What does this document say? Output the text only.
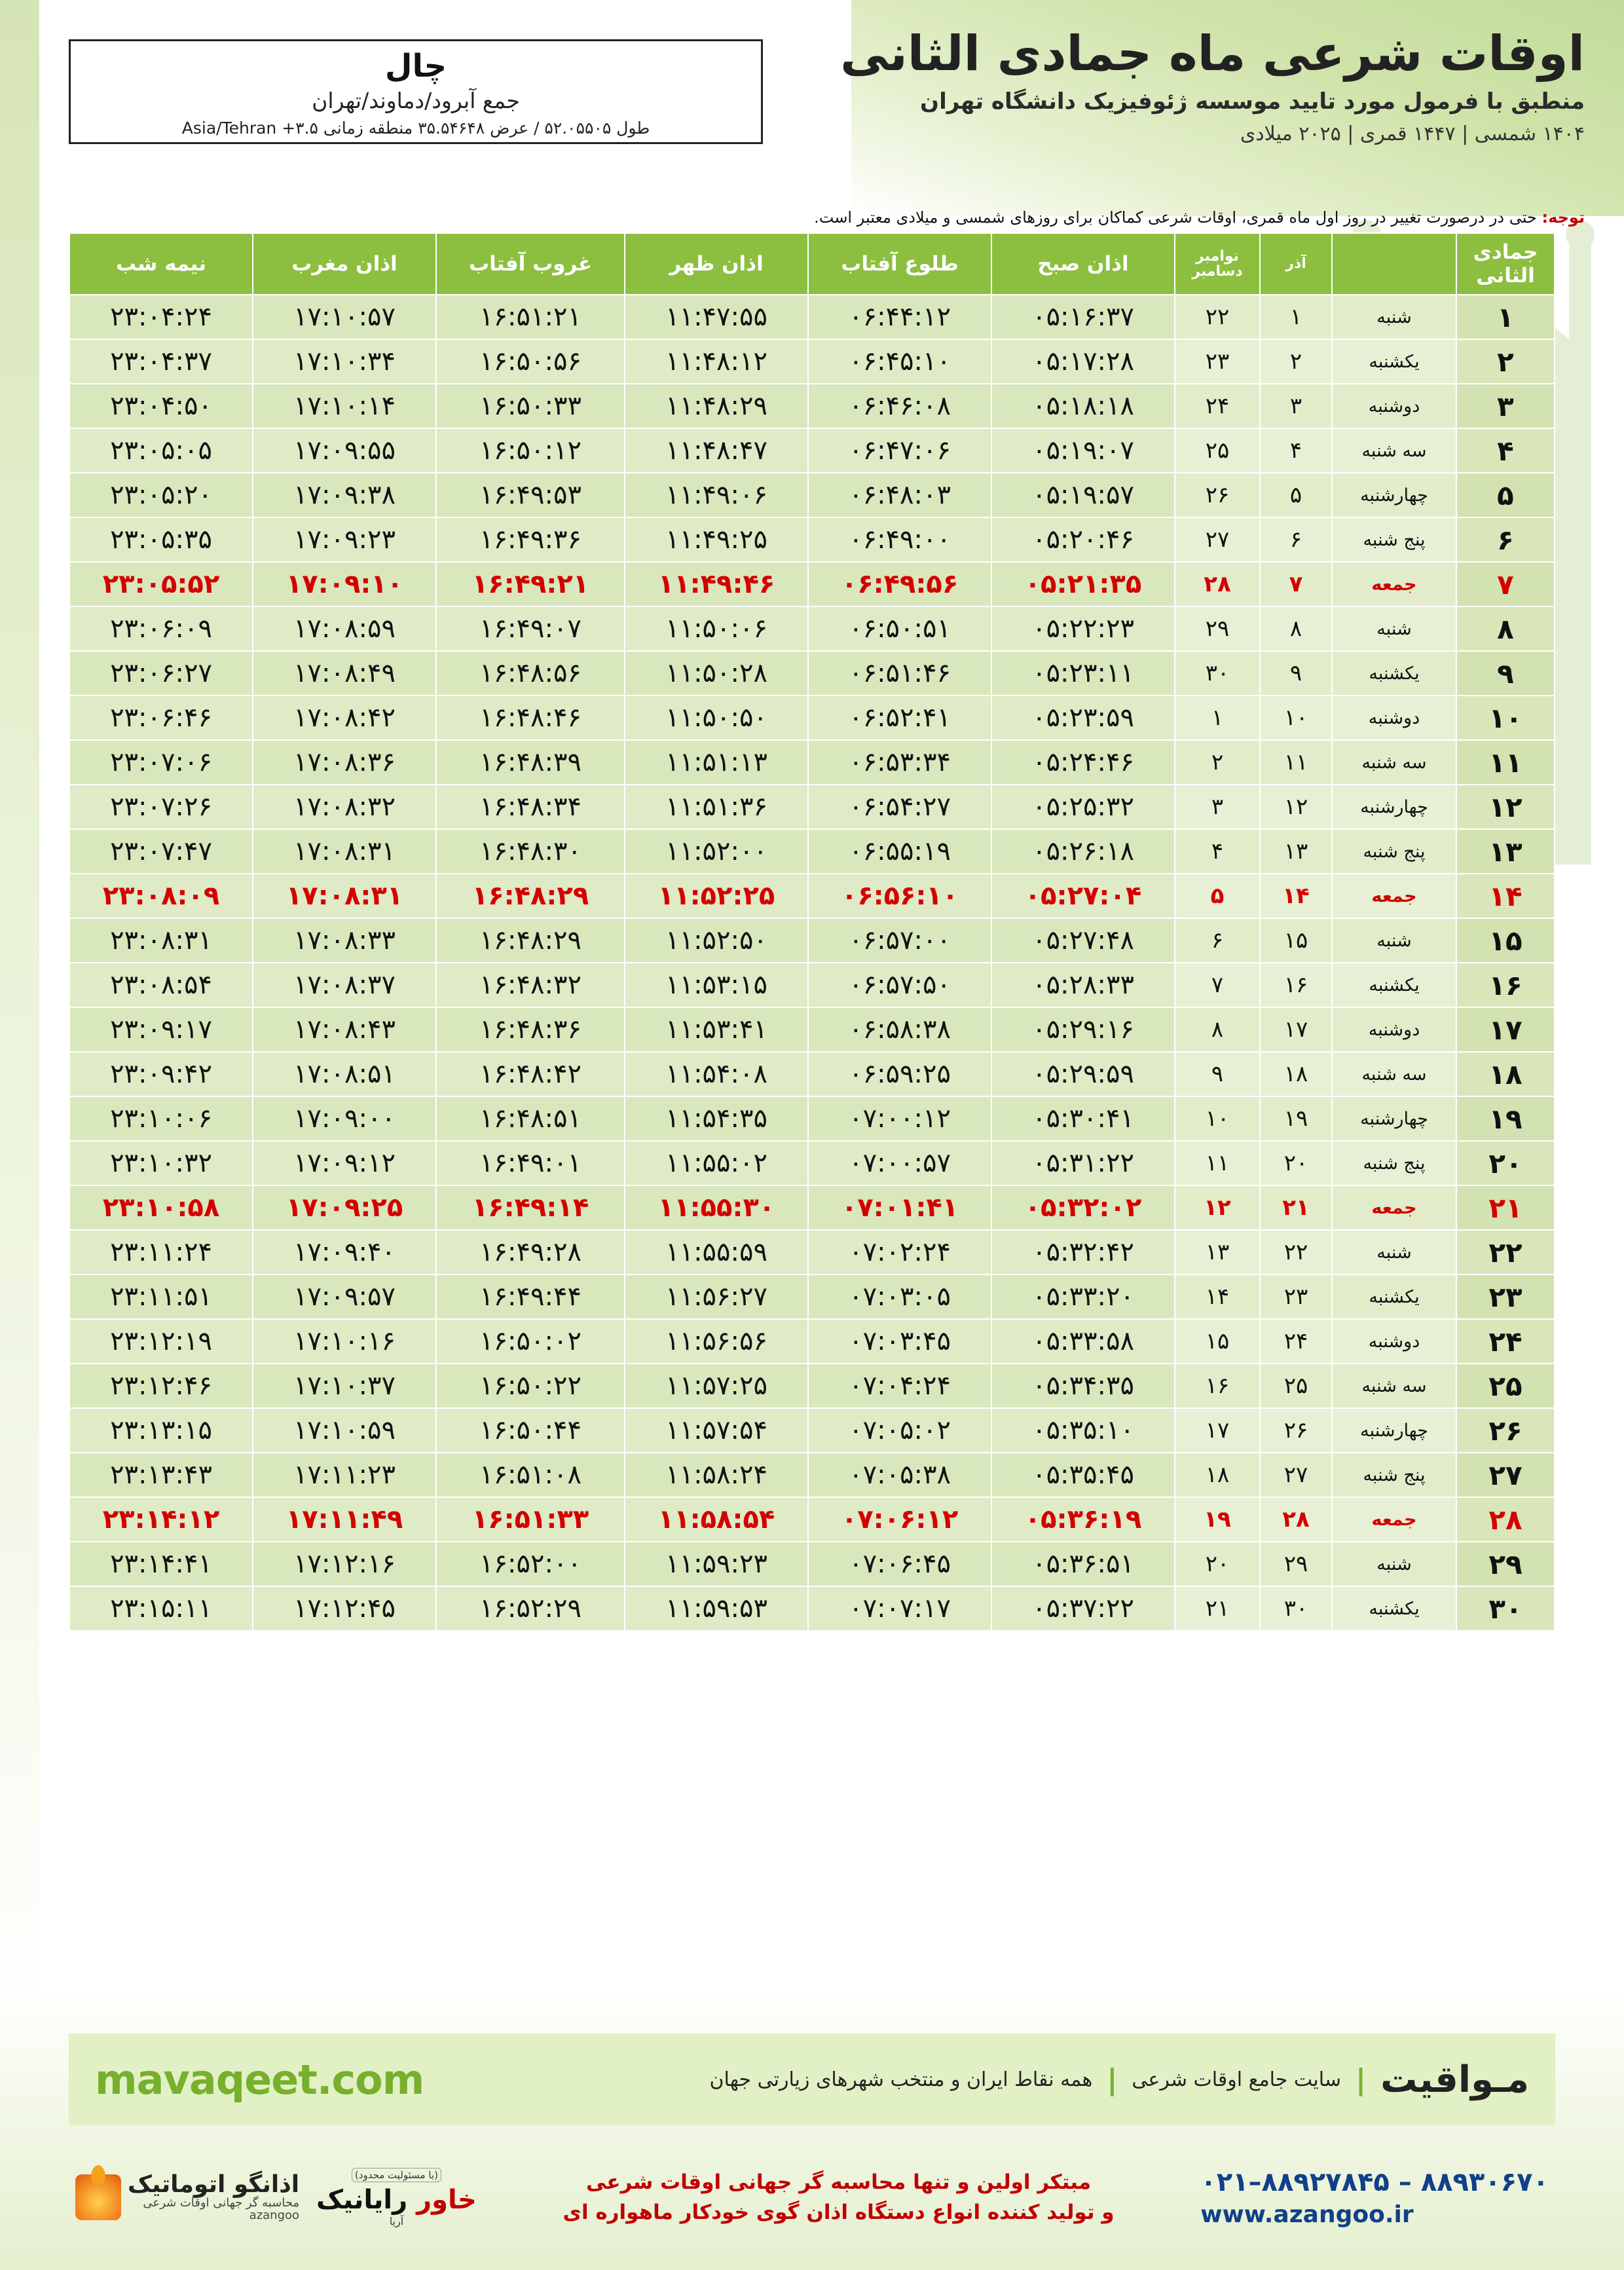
اوقات شرعی ماه جمادی الثانی
منطبق با فرمول مورد تایید موسسه ژئوفیزیک دانشگاه تهران
۱۴۰۴ شمسی | ۱۴۴۷ قمری | ۲۰۲۵ میلادی
چال
جمع آبرود/دماوند/تهران
طول ۵۲.۰۵۵۰۵ / عرض ۳۵.۵۴۶۴۸ منطقه زمانی ۳.۵+ Asia/Tehran
توجه: حتی در درصورت تغییر در روز اول ماه قمری، اوقات شرعی کماکان برای روزهای شمسی و میلادی معتبر است.
جمادی الثانی		آذر	نوامبر
دسامبر	اذان صبح	طلوع آفتاب	اذان ظهر	غروب آفتاب	اذان مغرب	نیمه شب
۱	شنبه	۱	۲۲	۰۵:۱۶:۳۷	۰۶:۴۴:۱۲	۱۱:۴۷:۵۵	۱۶:۵۱:۲۱	۱۷:۱۰:۵۷	۲۳:۰۴:۲۴
۲	یکشنبه	۲	۲۳	۰۵:۱۷:۲۸	۰۶:۴۵:۱۰	۱۱:۴۸:۱۲	۱۶:۵۰:۵۶	۱۷:۱۰:۳۴	۲۳:۰۴:۳۷
۳	دوشنبه	۳	۲۴	۰۵:۱۸:۱۸	۰۶:۴۶:۰۸	۱۱:۴۸:۲۹	۱۶:۵۰:۳۳	۱۷:۱۰:۱۴	۲۳:۰۴:۵۰
۴	سه شنبه	۴	۲۵	۰۵:۱۹:۰۷	۰۶:۴۷:۰۶	۱۱:۴۸:۴۷	۱۶:۵۰:۱۲	۱۷:۰۹:۵۵	۲۳:۰۵:۰۵
۵	چهارشنبه	۵	۲۶	۰۵:۱۹:۵۷	۰۶:۴۸:۰۳	۱۱:۴۹:۰۶	۱۶:۴۹:۵۳	۱۷:۰۹:۳۸	۲۳:۰۵:۲۰
۶	پنج شنبه	۶	۲۷	۰۵:۲۰:۴۶	۰۶:۴۹:۰۰	۱۱:۴۹:۲۵	۱۶:۴۹:۳۶	۱۷:۰۹:۲۳	۲۳:۰۵:۳۵
۷	جمعه	۷	۲۸	۰۵:۲۱:۳۵	۰۶:۴۹:۵۶	۱۱:۴۹:۴۶	۱۶:۴۹:۲۱	۱۷:۰۹:۱۰	۲۳:۰۵:۵۲
۸	شنبه	۸	۲۹	۰۵:۲۲:۲۳	۰۶:۵۰:۵۱	۱۱:۵۰:۰۶	۱۶:۴۹:۰۷	۱۷:۰۸:۵۹	۲۳:۰۶:۰۹
۹	یکشنبه	۹	۳۰	۰۵:۲۳:۱۱	۰۶:۵۱:۴۶	۱۱:۵۰:۲۸	۱۶:۴۸:۵۶	۱۷:۰۸:۴۹	۲۳:۰۶:۲۷
۱۰	دوشنبه	۱۰	۱	۰۵:۲۳:۵۹	۰۶:۵۲:۴۱	۱۱:۵۰:۵۰	۱۶:۴۸:۴۶	۱۷:۰۸:۴۲	۲۳:۰۶:۴۶
۱۱	سه شنبه	۱۱	۲	۰۵:۲۴:۴۶	۰۶:۵۳:۳۴	۱۱:۵۱:۱۳	۱۶:۴۸:۳۹	۱۷:۰۸:۳۶	۲۳:۰۷:۰۶
۱۲	چهارشنبه	۱۲	۳	۰۵:۲۵:۳۲	۰۶:۵۴:۲۷	۱۱:۵۱:۳۶	۱۶:۴۸:۳۴	۱۷:۰۸:۳۲	۲۳:۰۷:۲۶
۱۳	پنج شنبه	۱۳	۴	۰۵:۲۶:۱۸	۰۶:۵۵:۱۹	۱۱:۵۲:۰۰	۱۶:۴۸:۳۰	۱۷:۰۸:۳۱	۲۳:۰۷:۴۷
۱۴	جمعه	۱۴	۵	۰۵:۲۷:۰۴	۰۶:۵۶:۱۰	۱۱:۵۲:۲۵	۱۶:۴۸:۲۹	۱۷:۰۸:۳۱	۲۳:۰۸:۰۹
۱۵	شنبه	۱۵	۶	۰۵:۲۷:۴۸	۰۶:۵۷:۰۰	۱۱:۵۲:۵۰	۱۶:۴۸:۲۹	۱۷:۰۸:۳۳	۲۳:۰۸:۳۱
۱۶	یکشنبه	۱۶	۷	۰۵:۲۸:۳۳	۰۶:۵۷:۵۰	۱۱:۵۳:۱۵	۱۶:۴۸:۳۲	۱۷:۰۸:۳۷	۲۳:۰۸:۵۴
۱۷	دوشنبه	۱۷	۸	۰۵:۲۹:۱۶	۰۶:۵۸:۳۸	۱۱:۵۳:۴۱	۱۶:۴۸:۳۶	۱۷:۰۸:۴۳	۲۳:۰۹:۱۷
۱۸	سه شنبه	۱۸	۹	۰۵:۲۹:۵۹	۰۶:۵۹:۲۵	۱۱:۵۴:۰۸	۱۶:۴۸:۴۲	۱۷:۰۸:۵۱	۲۳:۰۹:۴۲
۱۹	چهارشنبه	۱۹	۱۰	۰۵:۳۰:۴۱	۰۷:۰۰:۱۲	۱۱:۵۴:۳۵	۱۶:۴۸:۵۱	۱۷:۰۹:۰۰	۲۳:۱۰:۰۶
۲۰	پنج شنبه	۲۰	۱۱	۰۵:۳۱:۲۲	۰۷:۰۰:۵۷	۱۱:۵۵:۰۲	۱۶:۴۹:۰۱	۱۷:۰۹:۱۲	۲۳:۱۰:۳۲
۲۱	جمعه	۲۱	۱۲	۰۵:۳۲:۰۲	۰۷:۰۱:۴۱	۱۱:۵۵:۳۰	۱۶:۴۹:۱۴	۱۷:۰۹:۲۵	۲۳:۱۰:۵۸
۲۲	شنبه	۲۲	۱۳	۰۵:۳۲:۴۲	۰۷:۰۲:۲۴	۱۱:۵۵:۵۹	۱۶:۴۹:۲۸	۱۷:۰۹:۴۰	۲۳:۱۱:۲۴
۲۳	یکشنبه	۲۳	۱۴	۰۵:۳۳:۲۰	۰۷:۰۳:۰۵	۱۱:۵۶:۲۷	۱۶:۴۹:۴۴	۱۷:۰۹:۵۷	۲۳:۱۱:۵۱
۲۴	دوشنبه	۲۴	۱۵	۰۵:۳۳:۵۸	۰۷:۰۳:۴۵	۱۱:۵۶:۵۶	۱۶:۵۰:۰۲	۱۷:۱۰:۱۶	۲۳:۱۲:۱۹
۲۵	سه شنبه	۲۵	۱۶	۰۵:۳۴:۳۵	۰۷:۰۴:۲۴	۱۱:۵۷:۲۵	۱۶:۵۰:۲۲	۱۷:۱۰:۳۷	۲۳:۱۲:۴۶
۲۶	چهارشنبه	۲۶	۱۷	۰۵:۳۵:۱۰	۰۷:۰۵:۰۲	۱۱:۵۷:۵۴	۱۶:۵۰:۴۴	۱۷:۱۰:۵۹	۲۳:۱۳:۱۵
۲۷	پنج شنبه	۲۷	۱۸	۰۵:۳۵:۴۵	۰۷:۰۵:۳۸	۱۱:۵۸:۲۴	۱۶:۵۱:۰۸	۱۷:۱۱:۲۳	۲۳:۱۳:۴۳
۲۸	جمعه	۲۸	۱۹	۰۵:۳۶:۱۹	۰۷:۰۶:۱۲	۱۱:۵۸:۵۴	۱۶:۵۱:۳۳	۱۷:۱۱:۴۹	۲۳:۱۴:۱۲
۲۹	شنبه	۲۹	۲۰	۰۵:۳۶:۵۱	۰۷:۰۶:۴۵	۱۱:۵۹:۲۳	۱۶:۵۲:۰۰	۱۷:۱۲:۱۶	۲۳:۱۴:۴۱
۳۰	یکشنبه	۳۰	۲۱	۰۵:۳۷:۲۲	۰۷:۰۷:۱۷	۱۱:۵۹:۵۳	۱۶:۵۲:۲۹	۱۷:۱۲:۴۵	۲۳:۱۵:۱۱
مـواقیت
|
سایت جامع اوقات شرعی
|
همه نقاط ایران و منتخب شهرهای زیارتی جهان
mavaqeet.com
۰۲۱–۸۸۹۲۷۸۴۵ – ۸۸۹۳۰۶۷۰
www.azangoo.ir
مبتکر اولین و تنها محاسبه گر جهانی اوقات شرعی
و تولید کننده انواع دستگاه اذان گوی خودکار ماهواره ای
(با مسئولیت محدود)
خاور رایانیک
آریا
اذانگو اتوماتیک
محاسبه گر جهانی اوقات شرعی
azangoo
